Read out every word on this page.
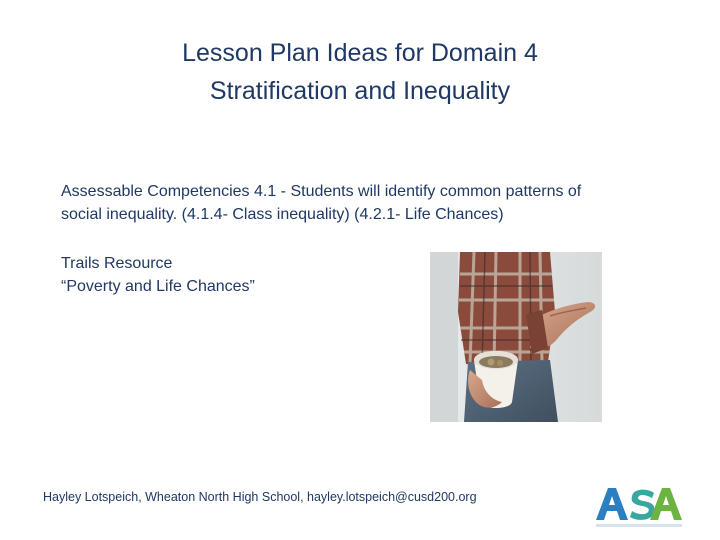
Lesson Plan Ideas for Domain 4
Stratification and Inequality
Assessable Competencies 4.1 - Students will identify common patterns of
social inequality. (4.1.4- Class inequality) (4.2.1- Life Chances)
Trails Resource
“Poverty and Life Chances”
Hayley Lotspeich, Wheaton North High School, hayley.lotspeich@cusd200.org
